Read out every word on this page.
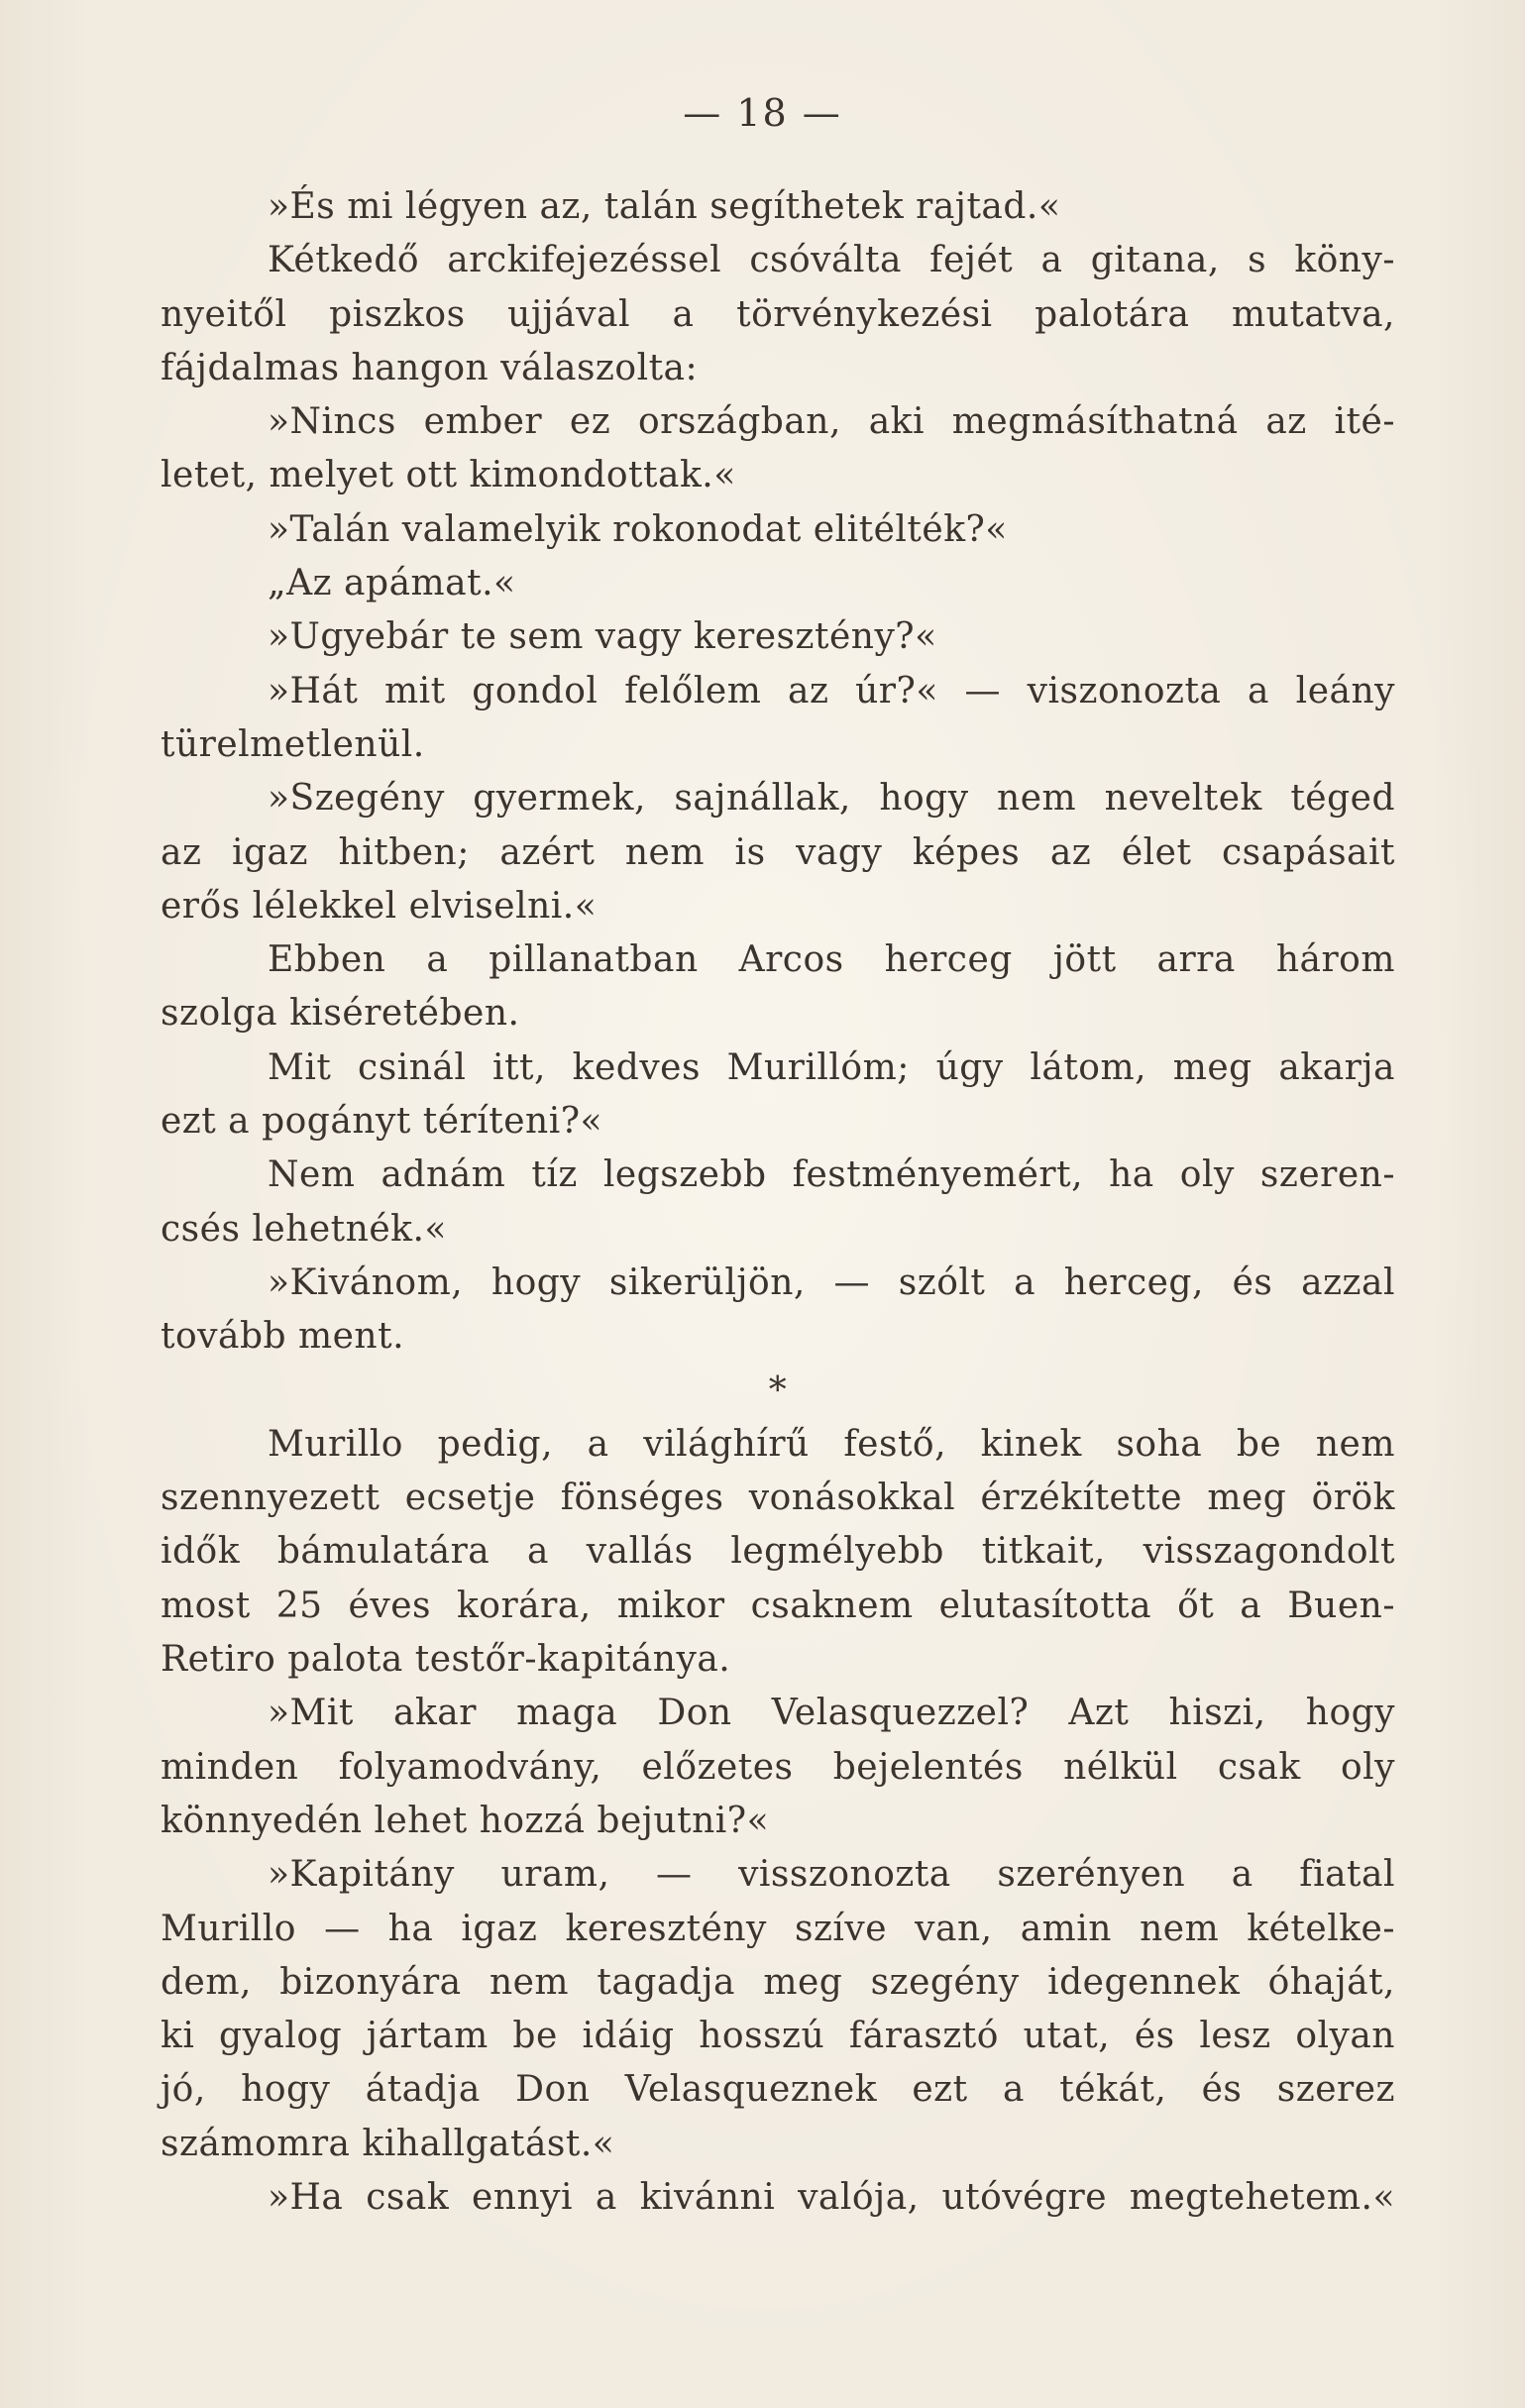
— 18 —
»És mi légyen az, talán segíthetek rajtad.«
Kétkedő arckifejezéssel csóválta fejét a gitana, s köny-
nyeitől piszkos ujjával a törvénykezési palotára mutatva,
fájdalmas hangon válaszolta:
»Nincs ember ez országban, aki megmásíthatná az ité-
letet, melyet ott kimondottak.«
»Talán valamelyik rokonodat elitélték?«
„Az apámat.«
»Ugyebár te sem vagy keresztény?«
»Hát mit gondol felőlem az úr?« — viszonozta a leány
türelmetlenül.
»Szegény gyermek, sajnállak, hogy nem neveltek téged
az igaz hitben; azért nem is vagy képes az élet csapásait
erős lélekkel elviselni.«
Ebben a pillanatban Arcos herceg jött arra három
szolga kiséretében.
Mit csinál itt, kedves Murillóm; úgy látom, meg akarja
ezt a pogányt téríteni?«
Nem adnám tíz legszebb festményemért, ha oly szeren-
csés lehetnék.«
»Kivánom, hogy sikerüljön, — szólt a herceg, és azzal
tovább ment.
*
Murillo pedig, a világhírű festő, kinek soha be nem
szennyezett ecsetje fönséges vonásokkal érzékítette meg örök
idők bámulatára a vallás legmélyebb titkait, visszagondolt
most 25 éves korára, mikor csaknem elutasította őt a Buen-
Retiro palota testőr-kapitánya.
»Mit akar maga Don Velasquezzel? Azt hiszi, hogy
minden folyamodvány, előzetes bejelentés nélkül csak oly
könnyedén lehet hozzá bejutni?«
»Kapitány uram, — visszonozta szerényen a fiatal
Murillo — ha igaz keresztény szíve van, amin nem kételke-
dem, bizonyára nem tagadja meg szegény idegennek óhaját,
ki gyalog jártam be idáig hosszú fárasztó utat, és lesz olyan
jó, hogy átadja Don Velasqueznek ezt a tékát, és szerez
számomra kihallgatást.«
»Ha csak ennyi a kivánni valója, utóvégre megtehetem.«
